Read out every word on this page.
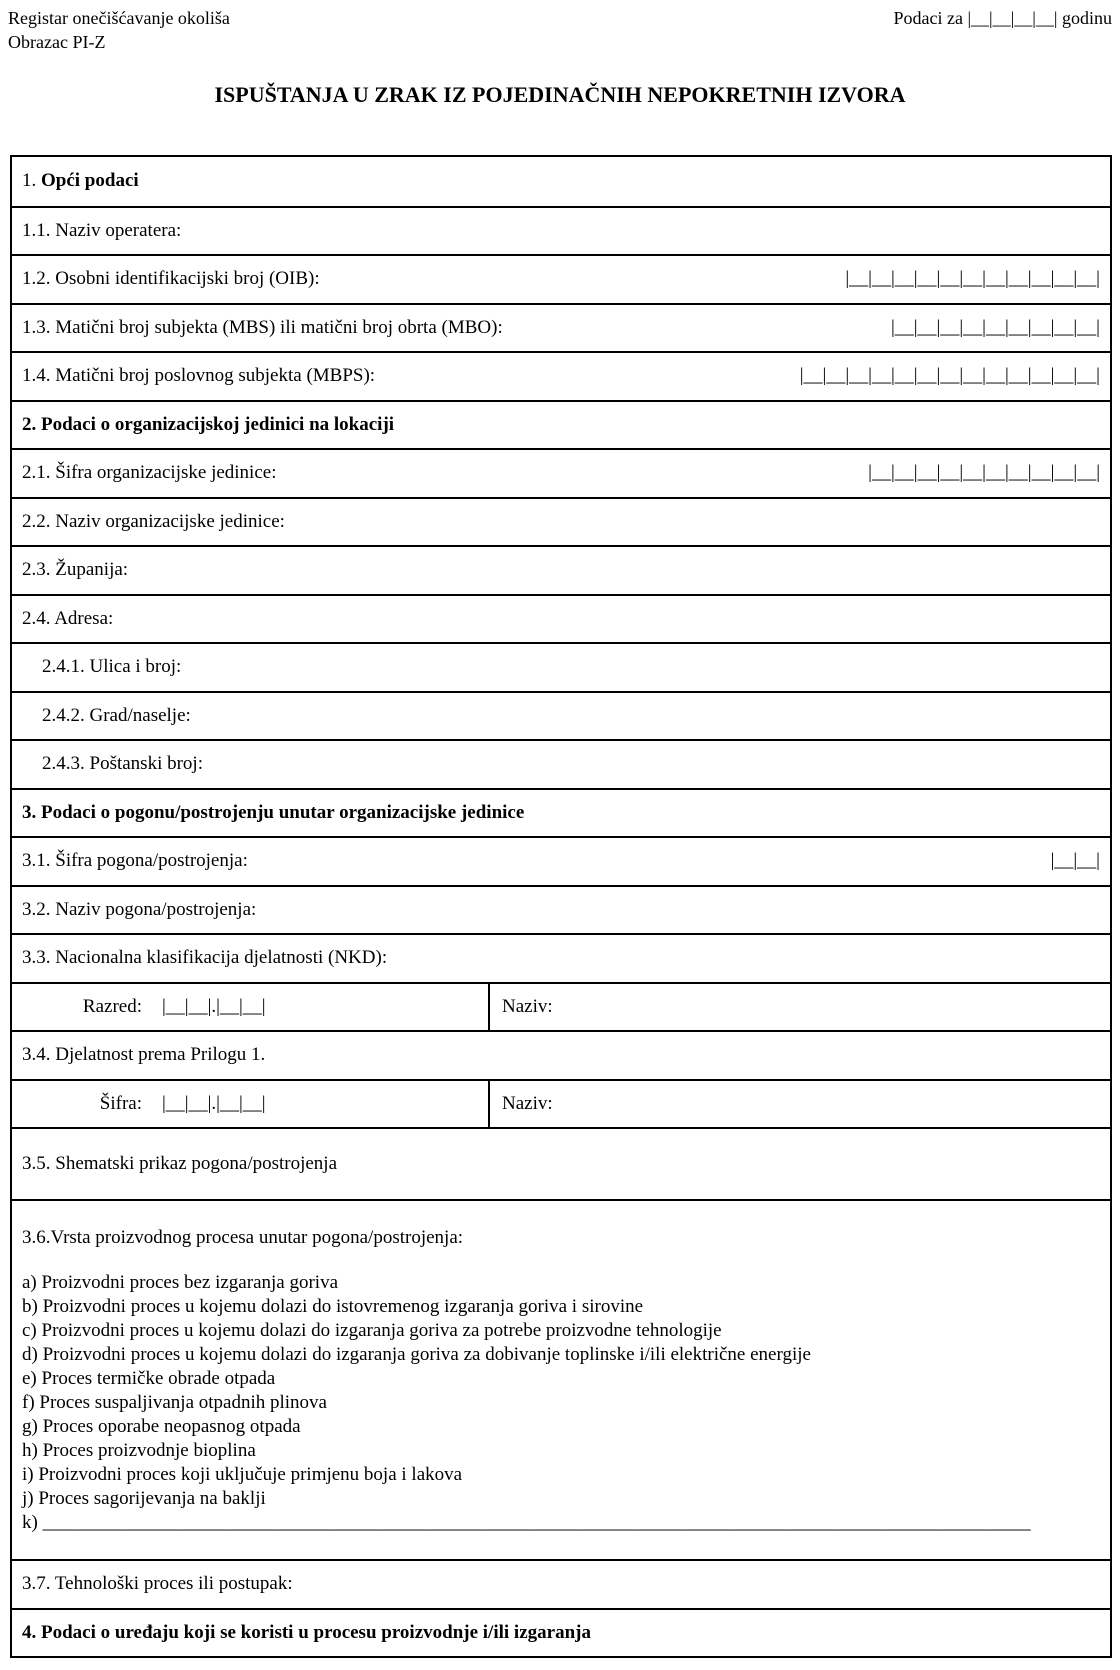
Registar onečišćavanje okoliša
Obrazac PI-Z
Podaci za |__|__|__|__| godinu
ISPUŠTANJA U ZRAK IZ POJEDINAČNIH NEPOKRETNIH IZVORA
1.
Opći podaci
1.1. Naziv operatera:
1.2. Osobni identifikacijski broj (OIB):	|__|__|__|__|__|__|__|__|__|__|__|
1.3. Matični broj subjekta (MBS) ili matični broj obrta (MBO):	|__|__|__|__|__|__|__|__|__|
1.4. Matični broj poslovnog subjekta (MBPS):	|__|__|__|__|__|__|__|__|__|__|__|__|__|
2. Podaci o organizacijskoj jedinici na lokaciji
2.1. Šifra organizacijske jedinice:	|__|__|__|__|__|__|__|__|__|__|
2.2. Naziv organizacijske jedinice:
2.3. Županija:
2.4. Adresa:
2.4.1. Ulica i broj:
2.4.2. Grad/naselje:
2.4.3. Poštanski broj:
3. Podaci o pogonu/postrojenju unutar organizacijske jedinice
3.1. Šifra pogona/postrojenja:	|__|__|
3.2. Naziv pogona/postrojenja:
3.3. Nacionalna klasifikacija djelatnosti (NKD):
Razred:	|__|__|.|__|__|	Naziv:
3.4. Djelatnost prema Prilogu 1.
Šifra:	|__|__|.|__|__|	Naziv:
3.5. Shematski prikaz pogona/postrojenja
3.6.Vrsta proizvodnog procesa unutar pogona/postrojenja:
a) Proizvodni proces bez izgaranja goriva
b) Proizvodni proces u kojemu dolazi do istovremenog izgaranja goriva i sirovine
c) Proizvodni proces u kojemu dolazi do izgaranja goriva za potrebe proizvodne tehnologije
d) Proizvodni proces u kojemu dolazi do izgaranja goriva za dobivanje toplinske i/ili električne energije
e) Proces termičke obrade otpada
f) Proces suspaljivanja otpadnih plinova
g) Proces oporabe neopasnog otpada
h) Proces proizvodnje bioplina
i) Proizvodni proces koji uključuje primjenu boja i lakova
j) Proces sagorijevanja na baklji
k) ________________________________________________________________________________________________________
3.7. Tehnološki proces ili postupak:
4. Podaci o uređaju koji se koristi u procesu proizvodnje i/ili izgaranja
